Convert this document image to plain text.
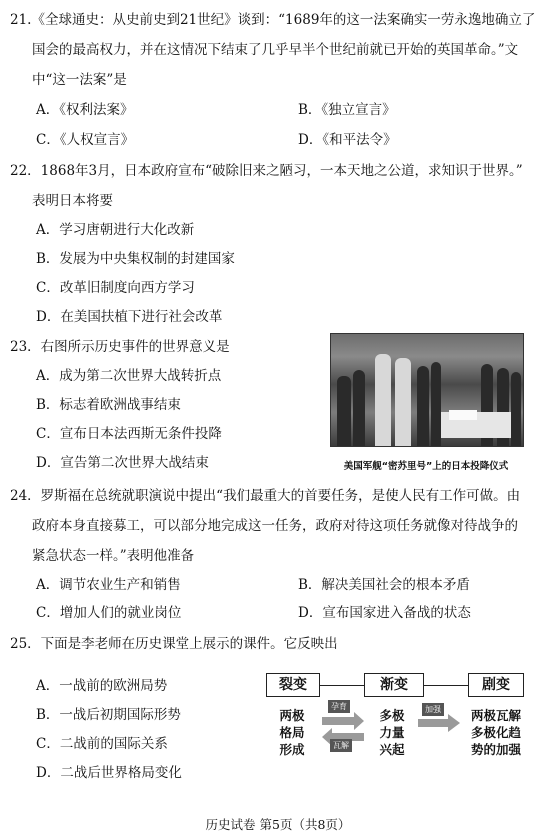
21.《全球通史：从史前史到21世纪》谈到：“1689年的这一法案确实一劳永逸地确立了
国会的最高权力，并在这情况下结束了几乎早半个世纪前就已开始的英国革命。”文
中“这一法案”是
A．《权利法案》	B．《独立宣言》
C．《人权宣言》	D．《和平法令》
22．1868年3月，日本政府宣布“破除旧来之陋习，一本天地之公道，求知识于世界。”
表明日本将要
A．学习唐朝进行大化改新
B．发展为中央集权制的封建国家
C．改革旧制度向西方学习
D．在美国扶植下进行社会改革
23．右图所示历史事件的世界意义是
A．成为第二次世界大战转折点
B．标志着欧洲战事结束
C．宣布日本法西斯无条件投降
D．宣告第二次世界大战结束	美国军舰“密苏里号”上的日本投降仪式
24．罗斯福在总统就职演说中提出“我们最重大的首要任务，是使人民有工作可做。由
政府本身直接募工，可以部分地完成这一任务，政府对待这项任务就像对待战争的
紧急状态一样。”表明他准备
A．调节农业生产和销售	B．解决美国社会的根本矛盾
C．增加人们的就业岗位	D．宣布国家进入备战的状态
25．下面是李老师在历史课堂上展示的课件。它反映出
A．一战前的欧洲局势
B．一战后初期国际形势
C．二战前的国际关系
D．二战后世界格局变化
裂变	渐变	剧变
两极
格局
形成
多极
力量
兴起
两极瓦解
多极化趋
势的加强
孕育
瓦解
加强
历史试卷 第5页（共8页）
